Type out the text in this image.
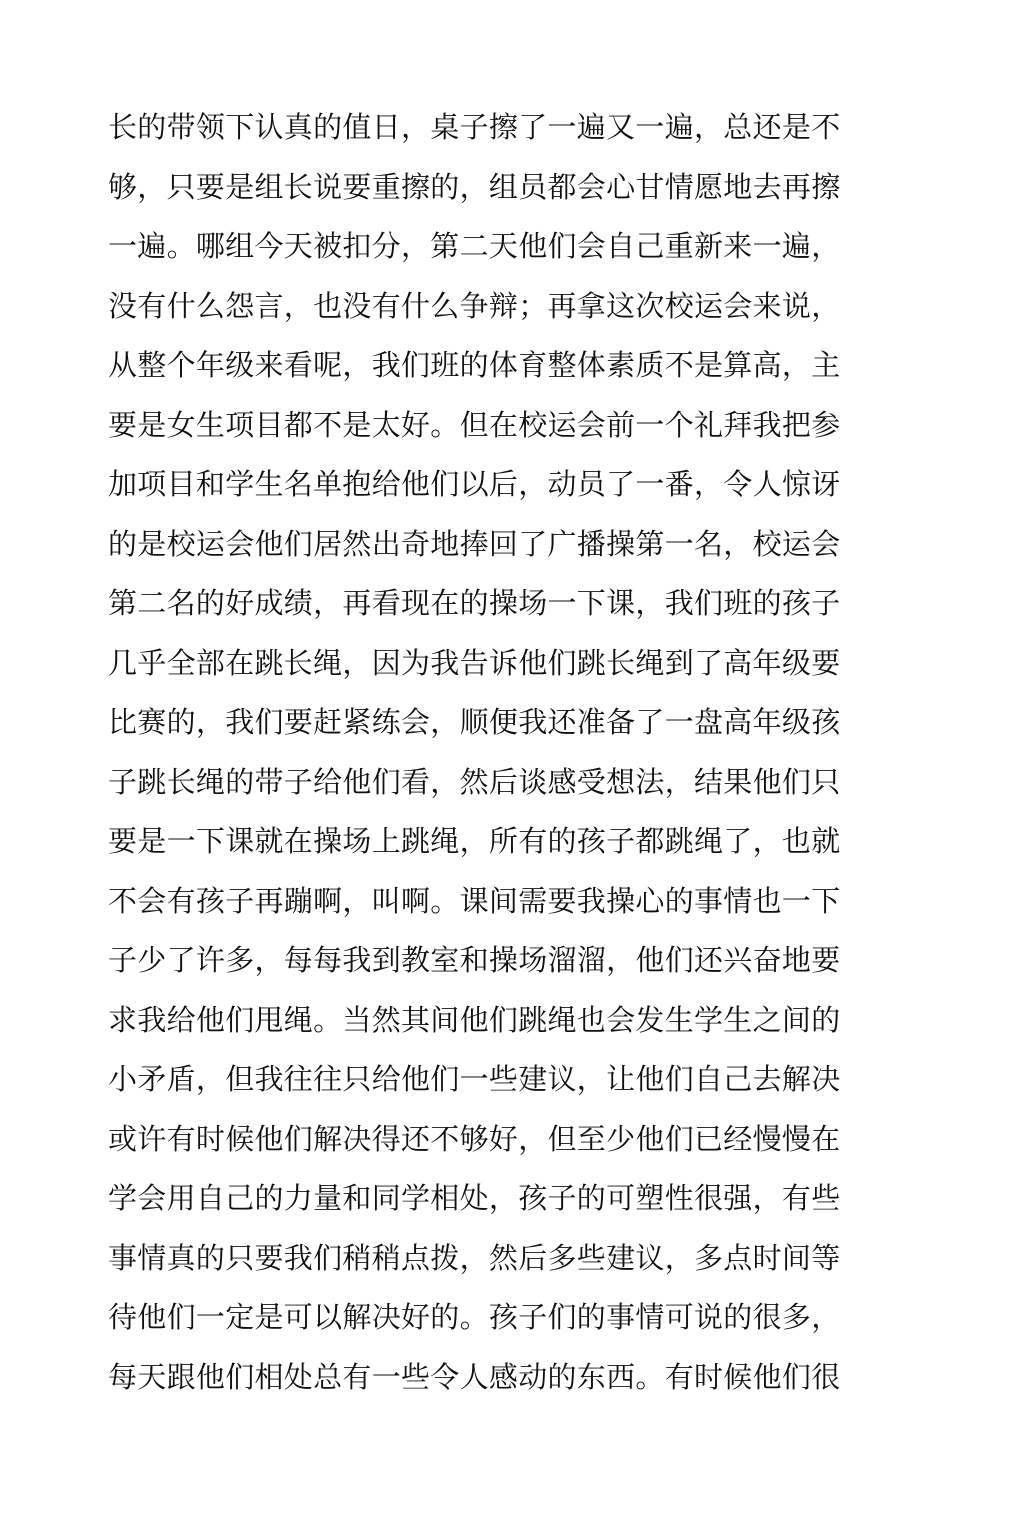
长的带领下认真的值日，桌子擦了一遍又一遍，总还是不
够，只要是组长说要重擦的，组员都会心甘情愿地去再擦
一遍。哪组今天被扣分，第二天他们会自己重新来一遍，
没有什么怨言，也没有什么争辩；再拿这次校运会来说，
从整个年级来看呢，我们班的体育整体素质不是算高，主
要是女生项目都不是太好。但在校运会前一个礼拜我把参
加项目和学生名单抱给他们以后，动员了一番，令人惊讶
的是校运会他们居然出奇地捧回了广播操第一名，校运会
第二名的好成绩，再看现在的操场一下课，我们班的孩子
几乎全部在跳长绳，因为我告诉他们跳长绳到了高年级要
比赛的，我们要赶紧练会，顺便我还准备了一盘高年级孩
子跳长绳的带子给他们看，然后谈感受想法，结果他们只
要是一下课就在操场上跳绳，所有的孩子都跳绳了，也就
不会有孩子再蹦啊，叫啊。课间需要我操心的事情也一下
子少了许多，每每我到教室和操场溜溜，他们还兴奋地要
求我给他们甩绳。当然其间他们跳绳也会发生学生之间的
小矛盾，但我往往只给他们一些建议，让他们自己去解决
或许有时候他们解决得还不够好，但至少他们已经慢慢在
学会用自己的力量和同学相处，孩子的可塑性很强，有些
事情真的只要我们稍稍点拨，然后多些建议，多点时间等
待他们一定是可以解决好的。孩子们的事情可说的很多，
每天跟他们相处总有一些令人感动的东西。有时候他们很
